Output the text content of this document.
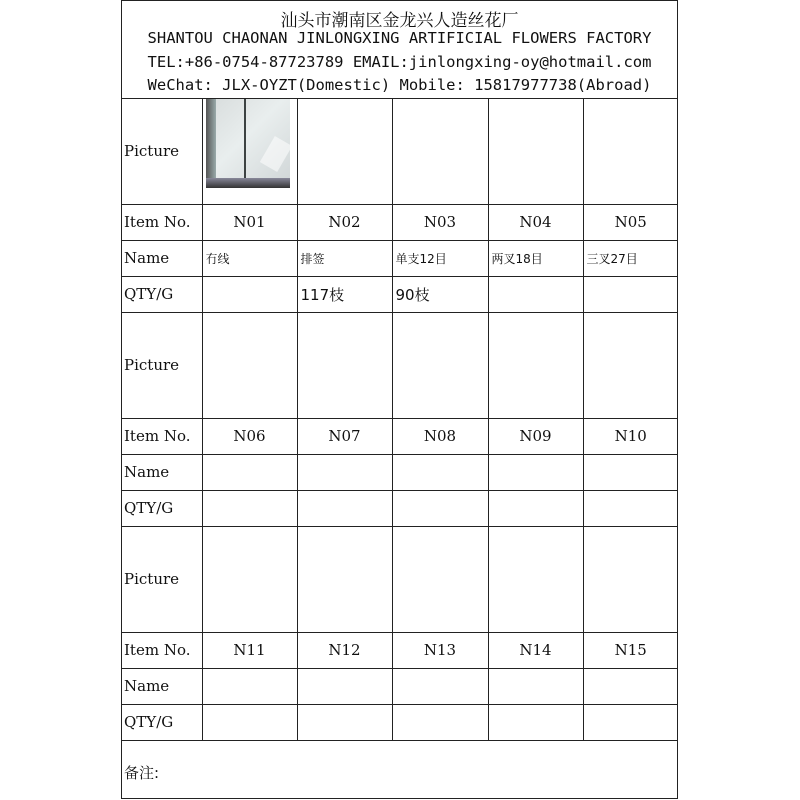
汕头市潮南区金龙兴人造丝花厂
SHANTOU CHAONAN JINLONGXING ARTIFICIAL FLOWERS FACTORY
TEL:+86-0754-87723789 EMAIL:jinlongxing-oy@hotmail.com
WeChat: JLX-OYZT(Domestic) Mobile: 15817977738(Abroad)
Picture	

Item No.	N01	N02	N03	N04	N05
Name	冇线	排签	单支12目	两叉18目	三叉27目
QTY/G		117枝	90枝		
Picture					
Item No.	N06	N07	N08	N09	N10
Name					
QTY/G					
Picture					
Item No.	N11	N12	N13	N14	N15
Name					
QTY/G					
备注:
